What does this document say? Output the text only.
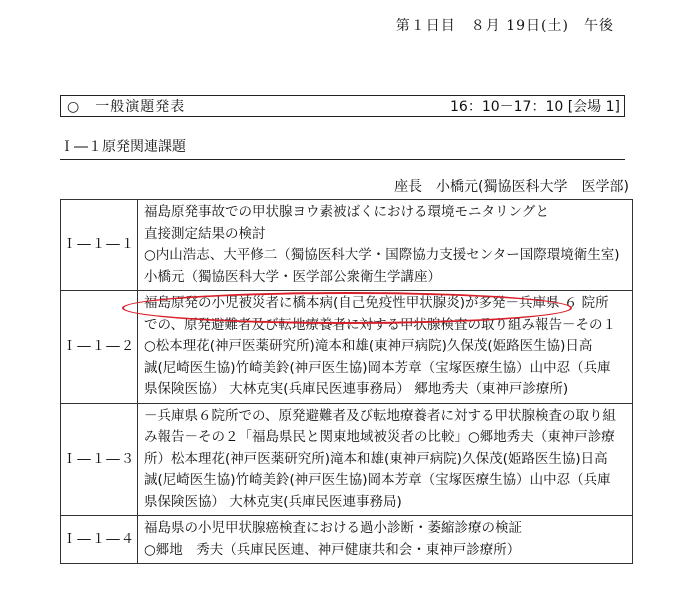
第１日目　８月 19日(土)　午後
○　一般演題発表	16：10－17：10 [会場 1]
Ｉ―１原発関連課題
座長　小橋元(獨協医科大学　医学部)
Ｉ―１―１	福島原発事故での甲状腺ヨウ素被ばくにおける環境モニタリングと
直接測定結果の検討
○内山浩志、大平修二（獨協医科大学・国際協力支援センター国際環境衛生室)
小橋元（獨協医科大学・医学部公衆衛生学講座）

Ｉ―１―２	福島原発の小児被災者に橋本病(自己免疫性甲状腺炎)が多発－兵庫県 ６ 院所
での、原発避難者及び転地療養者に対する甲状腺検査の取り組み報告－その１
○松本理花(神戸医薬研究所)滝本和雄(東神戸病院)久保茂(姫路医生協)日高
誠(尼崎医生協)竹崎美鈴(神戸医生協)岡本芳章（宝塚医療生協）山中忍（兵庫
県保険医協） 大林克実(兵庫民医連事務局） 郷地秀夫（東神戸診療所)

Ｉ―１―３	－兵庫県６院所での、原発避難者及び転地療養者に対する甲状腺検査の取り組
み報告－その２「福島県民と関東地域被災者の比較」○郷地秀夫（東神戸診療
所）松本理花(神戸医薬研究所)滝本和雄(東神戸病院)久保茂(姫路医生協)日高
誠(尼崎医生協)竹崎美鈴(神戸医生協)岡本芳章（宝塚医療生協）山中忍（兵庫
県保険医協） 大林克実(兵庫民医連事務局)

Ｉ―１―４	福島県の小児甲状腺癌検査における過小診断・萎縮診療の検証
○郷地　秀夫（兵庫民医連、神戸健康共和会・東神戸診療所）
